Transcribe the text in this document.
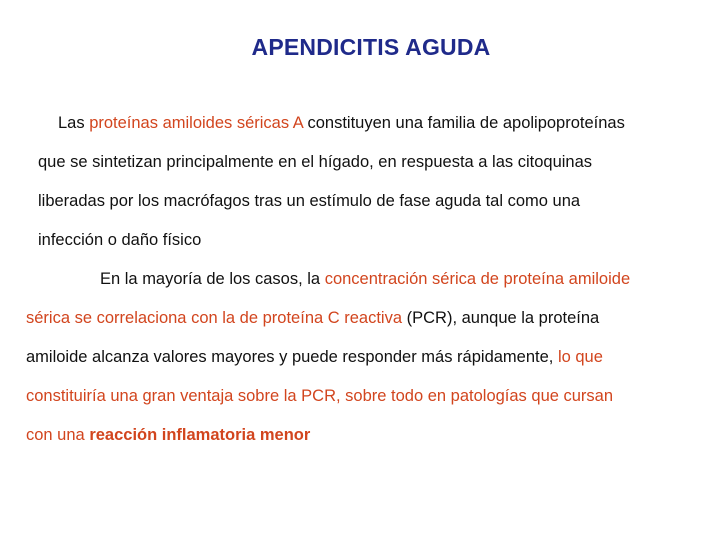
APENDICITIS AGUDA
Las proteínas amiloides séricas A constituyen una familia de apolipoproteínas
que se sintetizan principalmente en el hígado, en respuesta a las citoquinas
liberadas por los macrófagos tras un estímulo de fase aguda tal como una
infección o daño físico
En la mayoría de los casos, la concentración sérica de proteína amiloide
sérica se correlaciona con la de proteína C reactiva (PCR), aunque la proteína
amiloide alcanza valores mayores y puede responder más rápidamente, lo que
constituiría una gran ventaja sobre la PCR, sobre todo en patologías que cursan
con una reacción inflamatoria menor
